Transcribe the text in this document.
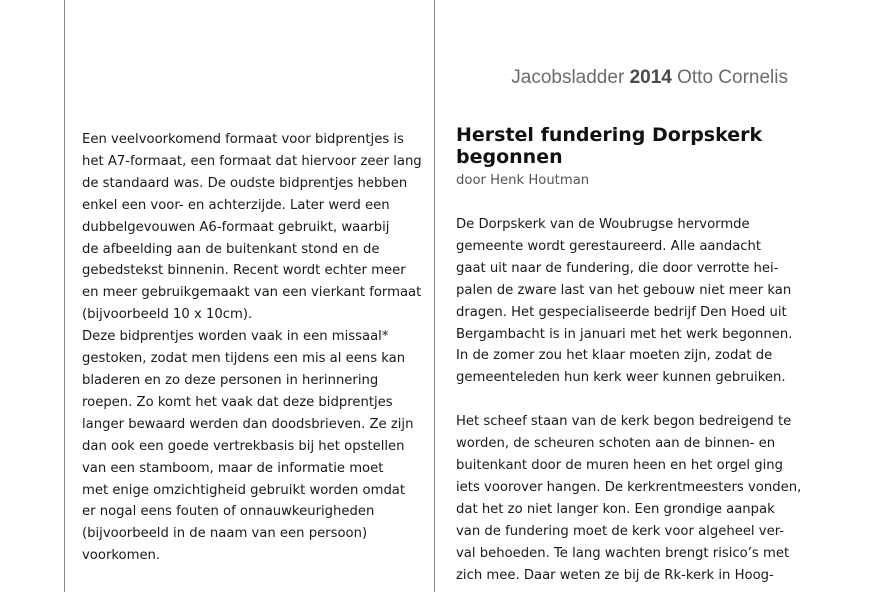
Jacobsladder 2014 Otto Cornelis
Een veelvoorkomend formaat voor bidprentjes is
het A7-formaat, een formaat dat hiervoor zeer lang
de standaard was. De oudste bidprentjes hebben
enkel een voor- en achterzijde. Later werd een
dubbelgevouwen A6-formaat gebruikt, waarbij
de afbeelding aan de buitenkant stond en de
gebedstekst binnenin. Recent wordt echter meer
en meer gebruikgemaakt van een vierkant formaat
(bijvoorbeeld 10 x 10cm).
Deze bidprentjes worden vaak in een missaal*
gestoken, zodat men tijdens een mis al eens kan
bladeren en zo deze personen in herinnering
roepen. Zo komt het vaak dat deze bidprentjes
langer bewaard werden dan doodsbrieven. Ze zijn
dan ook een goede vertrekbasis bij het opstellen
van een stamboom, maar de informatie moet
met enige omzichtigheid gebruikt worden omdat
er nogal eens fouten of onnauwkeurigheden
(bijvoorbeeld in de naam van een persoon)
voorkomen.
Herstel fundering Dorpskerk
begonnen
door Henk Houtman
De Dorpskerk van de Woubrugse hervormde
gemeente wordt gerestaureerd. Alle aandacht
gaat uit naar de fundering, die door verrotte hei-
palen de zware last van het gebouw niet meer kan
dragen. Het gespecialiseerde bedrijf Den Hoed uit
Bergambacht is in januari met het werk begonnen.
In de zomer zou het klaar moeten zijn, zodat de
gemeenteleden hun kerk weer kunnen gebruiken.
Het scheef staan van de kerk begon bedreigend te
worden, de scheuren schoten aan de binnen- en
buitenkant door de muren heen en het orgel ging
iets voorover hangen. De kerkrentmeesters vonden,
dat het zo niet langer kon. Een grondige aanpak
van de fundering moet de kerk voor algeheel ver-
val behoeden. Te lang wachten brengt risico’s met
zich mee. Daar weten ze bij de Rk-kerk in Hoog-
